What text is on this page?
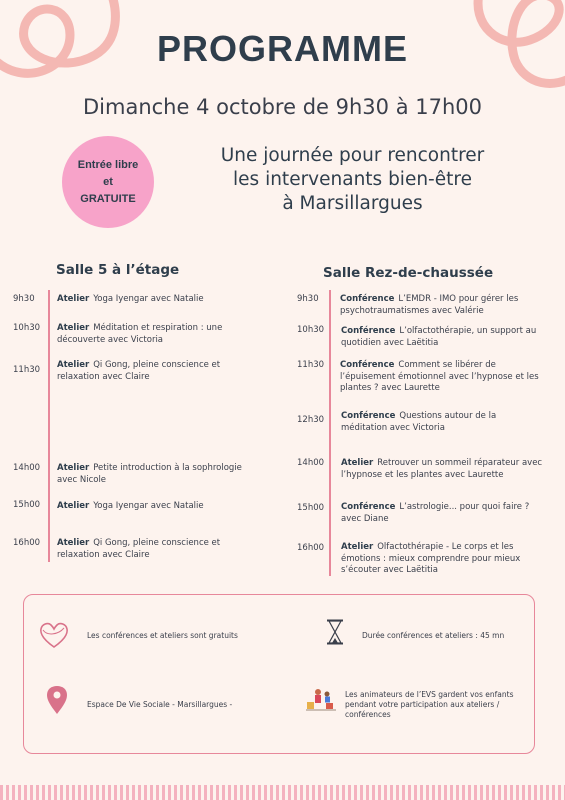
PROGRAMME
Dimanche 4 octobre de 9h30 à 17h00
Entrée libre
et
GRATUITE
Une journée pour rencontrer
les intervenants bien-être
à Marsillargues
Salle 5 à l’étage
9h30	Atelier Yoga Iyengar avec Natalie
10h30 Atelier Méditation et respiration : une découverte avec Victoria
11h30 Atelier Qi Gong, pleine conscience et relaxation avec Claire
14h00 Atelier Petite introduction à la sophrologie avec Nicole
15h00 Atelier Yoga Iyengar avec Natalie
16h00 Atelier Qi Gong, pleine conscience et relaxation avec Claire
Salle Rez-de-chaussée
9h30	Conférence L’EMDR - IMO pour gérer les psychotraumatismes avec Valérie
10h30 Conférence L’olfactothérapie, un support au quotidien avec Laëtitia
11h30 Conférence Comment se libérer de l’épuisement émotionnel avec l’hypnose et les plantes ? avec Laurette
12h30 Conférence Questions autour de la méditation avec Victoria
14h00 Atelier Retrouver un sommeil réparateur avec l’hypnose et les plantes avec Laurette
15h00 Conférence L’astrologie... pour quoi faire ? avec Diane
16h00 Atelier Olfactothérapie - Le corps et les émotions : mieux comprendre pour mieux s’écouter avec Laëtitia
Les conférences et ateliers sont gratuits	Durée conférences et ateliers : 45 mn
Espace De Vie Sociale - Marsillargues -
Les animateurs de l’EVS gardent vos enfants pendant votre participation aux ateliers / conférences
